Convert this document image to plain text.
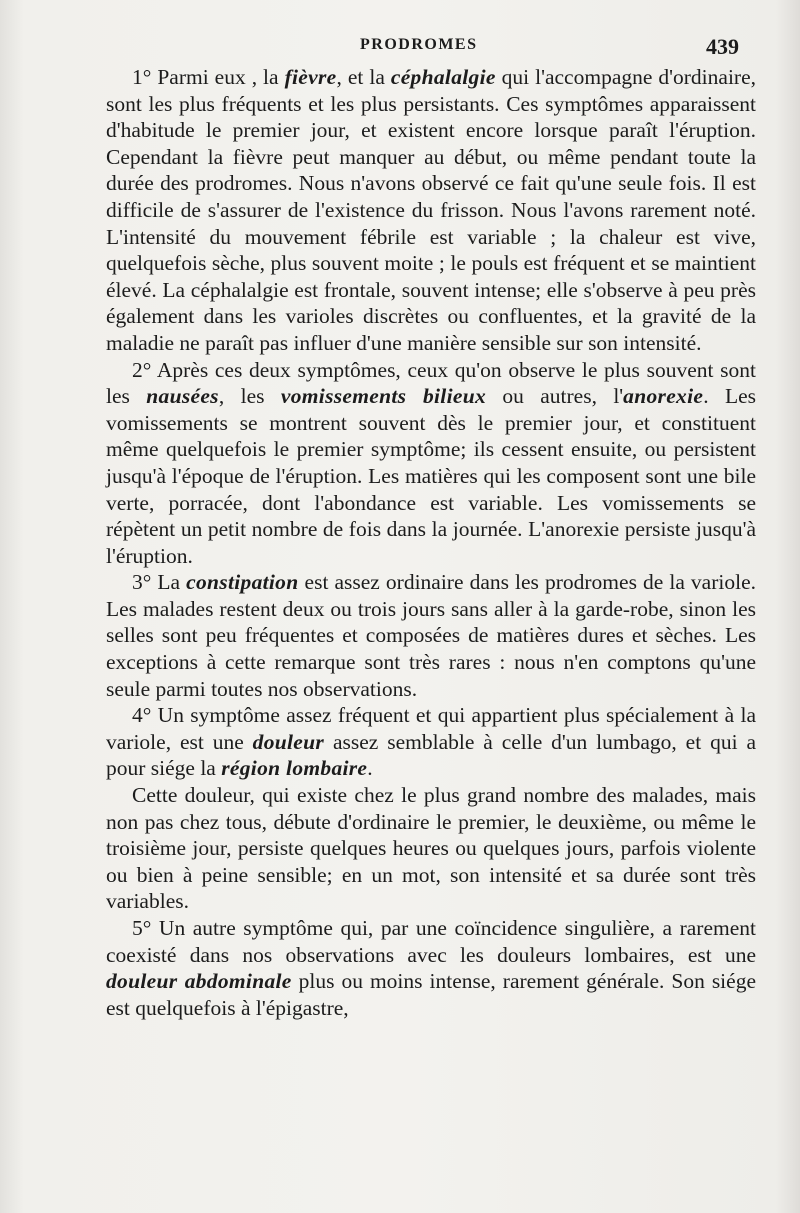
PRODROMES	439

1° Parmi eux , la fièvre, et la céphalalgie qui l'accompagne d'ordinaire, sont les plus fréquents et les plus persistants. Ces symptômes apparaissent d'habitude le premier jour, et existent encore lorsque paraît l'éruption. Cependant la fièvre peut manquer au début, ou même pendant toute la durée des prodromes. Nous n'avons observé ce fait qu'une seule fois. Il est difficile de s'assurer de l'existence du frisson. Nous l'avons rarement noté. L'intensité du mouvement fébrile est variable ; la chaleur est vive, quelquefois sèche, plus souvent moite ; le pouls est fréquent et se maintient élevé. La céphalalgie est frontale, souvent intense; elle s'observe à peu près également dans les varioles discrètes ou confluentes, et la gravité de la maladie ne paraît pas influer d'une manière sensible sur son intensité.

2° Après ces deux symptômes, ceux qu'on observe le plus souvent sont les nausées, les vomissements bilieux ou autres, l'anorexie. Les vomissements se montrent souvent dès le premier jour, et constituent même quelquefois le premier symptôme; ils cessent ensuite, ou persistent jusqu'à l'époque de l'éruption. Les matières qui les composent sont une bile verte, porracée, dont l'abondance est variable. Les vomissements se répètent un petit nombre de fois dans la journée. L'anorexie persiste jusqu'à l'éruption.

3° La constipation est assez ordinaire dans les prodromes de la variole. Les malades restent deux ou trois jours sans aller à la garde-robe, sinon les selles sont peu fréquentes et composées de matières dures et sèches. Les exceptions à cette remarque sont très rares : nous n'en comptons qu'une seule parmi toutes nos observations.

4° Un symptôme assez fréquent et qui appartient plus spécialement à la variole, est une douleur assez semblable à celle d'un lumbago, et qui a pour siége la région lombaire.

Cette douleur, qui existe chez le plus grand nombre des malades, mais non pas chez tous, débute d'ordinaire le premier, le deuxième, ou même le troisième jour, persiste quelques heures ou quelques jours, parfois violente ou bien à peine sensible; en un mot, son intensité et sa durée sont très variables.

5° Un autre symptôme qui, par une coïncidence singulière, a rarement coexisté dans nos observations avec les douleurs lombaires, est une douleur abdominale plus ou moins intense, rarement générale. Son siége est quelquefois à l'épigastre,
